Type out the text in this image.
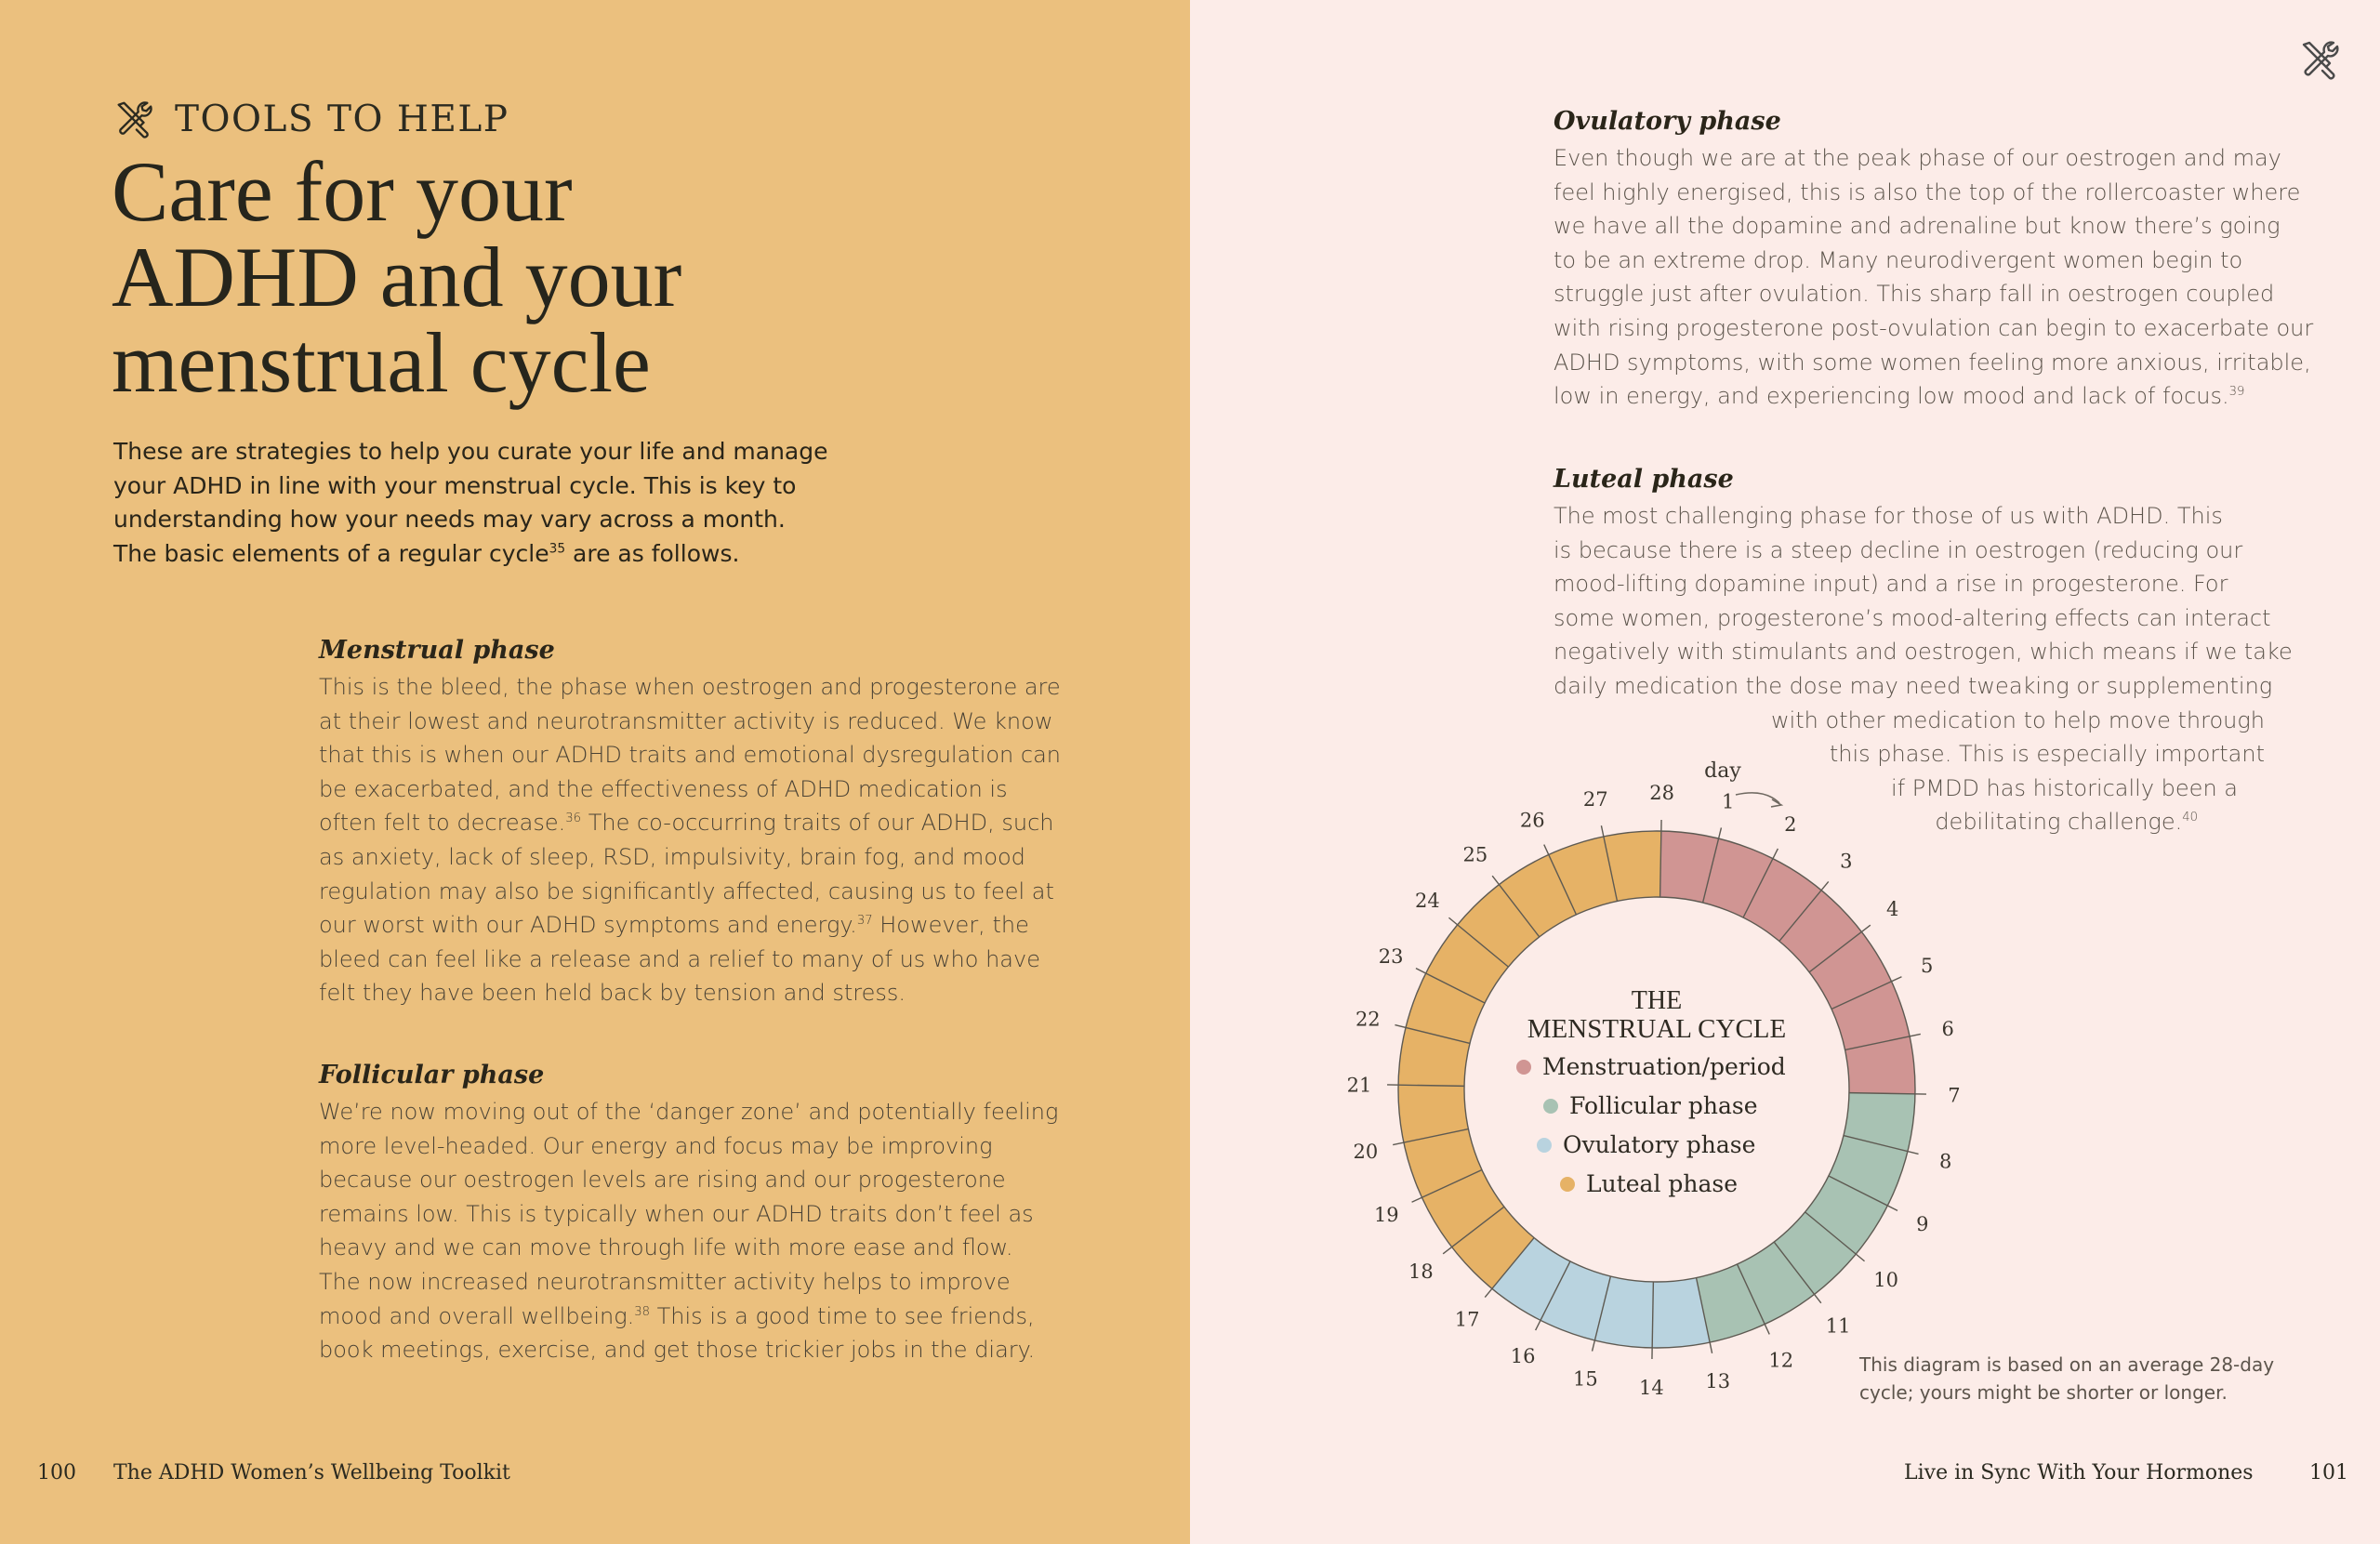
TOOLS TO HELP
Care for your
ADHD and your
menstrual cycle
These are strategies to help you curate your life and manage
your ADHD in line with your menstrual cycle. This is key to
understanding how your needs may vary across a month.
The basic elements of a regular cycle$^{35}$ are as follows.
Menstrual phase
This is the bleed, the phase when oestrogen and progesterone are
at their lowest and neurotransmitter activity is reduced. We know
that this is when our ADHD traits and emotional dysregulation can
be exacerbated, and the effectiveness of ADHD medication is
often felt to decrease.$^{36}$ The co-occurring traits of our ADHD, such
as anxiety, lack of sleep, RSD, impulsivity, brain fog, and mood
regulation may also be significantly affected, causing us to feel at
our worst with our ADHD symptoms and energy.$^{37}$ However, the
bleed can feel like a release and a relief to many of us who have
felt they have been held back by tension and stress.
Follicular phase
We’re now moving out of the ‘danger zone’ and potentially feeling
more level-headed. Our energy and focus may be improving
because our oestrogen levels are rising and our progesterone
remains low. This is typically when our ADHD traits don’t feel as
heavy and we can move through life with more ease and flow.
The now increased neurotransmitter activity helps to improve
mood and overall wellbeing.$^{38}$ This is a good time to see friends,
book meetings, exercise, and get those trickier jobs in the diary.
100 The ADHD Women’s Wellbeing Toolkit
Ovulatory phase
Even though we are at the peak phase of our oestrogen and may
feel highly energised, this is also the top of the rollercoaster where
we have all the dopamine and adrenaline but know there’s going
to be an extreme drop. Many neurodivergent women begin to
struggle just after ovulation. This sharp fall in oestrogen coupled
with rising progesterone post-ovulation can begin to exacerbate our
ADHD symptoms, with some women feeling more anxious, irritable,
low in energy, and experiencing low mood and lack of focus.$^{39}$
Luteal phase
The most challenging phase for those of us with ADHD. This
is because there is a steep decline in oestrogen (reducing our
mood-lifting dopamine input) and a rise in progesterone. For
some women, progesterone’s mood-altering effects can interact
negatively with stimulants and oestrogen, which means if we take
daily medication the dose may need tweaking or supplementing
with other medication to help move through
this phase. This is especially important
if PMDD has historically been a
debilitating challenge.$^{40}$
1
2
3
4
5
6
7
8
9
10
11
12
13
14
15
16
17
18
19
20
21
22
23
24
25
26
27 28
day
THE
MENSTRUAL CYCLE
Menstruation/period
Follicular phase
Ovulatory phase
Luteal phase
This diagram is based on an average 28-day
cycle; yours might be shorter or longer.
Live in Sync With Your Hormones	101
